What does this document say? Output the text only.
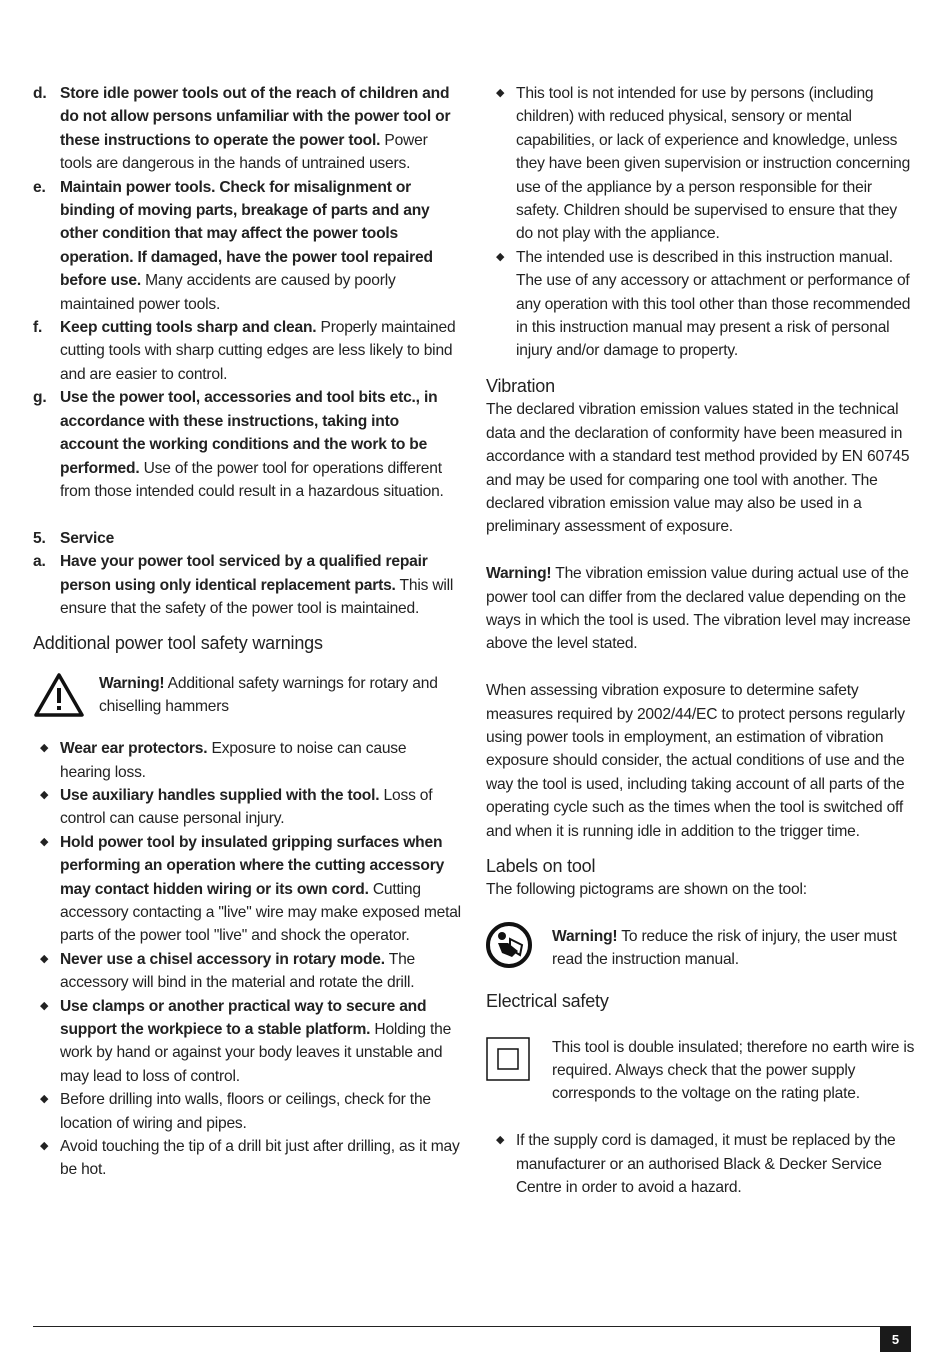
d. Store idle power tools out of the reach of children and do not allow persons unfamiliar with the power tool or these instructions to operate the power tool. Power tools are dangerous in the hands of untrained users.
e. Maintain power tools. Check for misalignment or binding of moving parts, breakage of parts and any other condition that may affect the power tools operation. If damaged, have the power tool repaired before use. Many accidents are caused by poorly maintained power tools.
f.	Keep cutting tools sharp and clean. Properly maintained cutting tools with sharp cutting edges are less likely to bind and are easier to control.
g. Use the power tool, accessories and tool bits etc., in accordance with these instructions, taking into account the working conditions and the work to be performed. Use of the power tool for operations different from those intended could result in a hazardous situation.
5. Service
a. Have your power tool serviced by a qualified repair person using only identical replacement parts. This will ensure that the safety of the power tool is maintained.
Additional power tool safety warnings
Warning! Additional safety warnings for rotary and chiselling hammers
◆ Wear ear protectors. Exposure to noise can cause hearing loss.
◆ Use auxiliary handles supplied with the tool. Loss of control can cause personal injury.
◆ Hold power tool by insulated gripping surfaces when performing an operation where the cutting accessory may contact hidden wiring or its own cord. Cutting accessory contacting a "live" wire may make exposed metal parts of the power tool "live" and shock the operator.
◆ Never use a chisel accessory in rotary mode. The accessory will bind in the material and rotate the drill.
◆ Use clamps or another practical way to secure and support the workpiece to a stable platform. Holding the work by hand or against your body leaves it unstable and may lead to loss of control.
◆ Before drilling into walls, floors or ceilings, check for the location of wiring and pipes.
◆ Avoid touching the tip of a drill bit just after drilling, as it may be hot.
◆ This tool is not intended for use by persons (including children) with reduced physical, sensory or mental capabilities, or lack of experience and knowledge, unless they have been given supervision or instruction concerning use of the appliance by a person responsible for their safety. Children should be supervised to ensure that they do not play with the appliance.
◆ The intended use is described in this instruction manual. The use of any accessory or attachment or performance of any operation with this tool other than those recommended in this instruction manual may present a risk of personal injury and/or damage to property.
Vibration
The declared vibration emission values stated in the technical data and the declaration of conformity have been measured in accordance with a standard test method provided by EN 60745 and may be used for comparing one tool with another. The declared vibration emission value may also be used in a preliminary assessment of exposure.
Warning! The vibration emission value during actual use of the power tool can differ from the declared value depending on the ways in which the tool is used. The vibration level may increase above the level stated.
When assessing vibration exposure to determine safety measures required by 2002/44/EC to protect persons regularly using power tools in employment, an estimation of vibration exposure should consider, the actual conditions of use and the way the tool is used, including taking account of all parts of the operating cycle such as the times when the tool is switched off and when it is running idle in addition to the trigger time.
Labels on tool
The following pictograms are shown on the tool:
Warning! To reduce the risk of injury, the user must read the instruction manual.
Electrical safety
This tool is double insulated; therefore no earth wire is required. Always check that the power supply corresponds to the voltage on the rating plate.
◆ If the supply cord is damaged, it must be replaced by the manufacturer or an authorised Black & Decker Service Centre in order to avoid a hazard.
5
